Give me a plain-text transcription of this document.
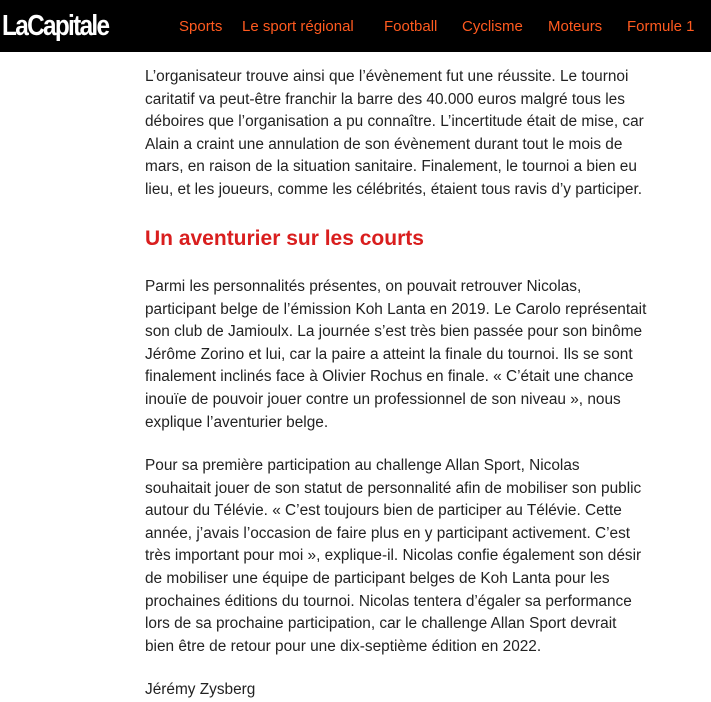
LaCapitale	Sports Le sport régional Football Cyclisme Moteurs Formule 1

L’organisateur trouve ainsi que l’évènement fut une réussite. Le tournoi
caritatif va peut-être franchir la barre des 40.000 euros malgré tous les
déboires que l’organisation a pu connaître. L’incertitude était de mise, car
Alain a craint une annulation de son évènement durant tout le mois de
mars, en raison de la situation sanitaire. Finalement, le tournoi a bien eu
lieu, et les joueurs, comme les célébrités, étaient tous ravis d’y participer.

Un aventurier sur les courts

Parmi les personnalités présentes, on pouvait retrouver Nicolas,
participant belge de l’émission Koh Lanta en 2019. Le Carolo représentait
son club de Jamioulx. La journée s’est très bien passée pour son binôme
Jérôme Zorino et lui, car la paire a atteint la finale du tournoi. Ils se sont
finalement inclinés face à Olivier Rochus en finale. « C’était une chance
inouïe de pouvoir jouer contre un professionnel de son niveau », nous
explique l’aventurier belge.

Pour sa première participation au challenge Allan Sport, Nicolas
souhaitait jouer de son statut de personnalité afin de mobiliser son public
autour du Télévie. « C’est toujours bien de participer au Télévie. Cette
année, j’avais l’occasion de faire plus en y participant activement. C’est
très important pour moi », explique-il. Nicolas confie également son désir
de mobiliser une équipe de participant belges de Koh Lanta pour les
prochaines éditions du tournoi. Nicolas tentera d’égaler sa performance
lors de sa prochaine participation, car le challenge Allan Sport devrait
bien être de retour pour une dix-septième édition en 2022.

Jérémy Zysberg
